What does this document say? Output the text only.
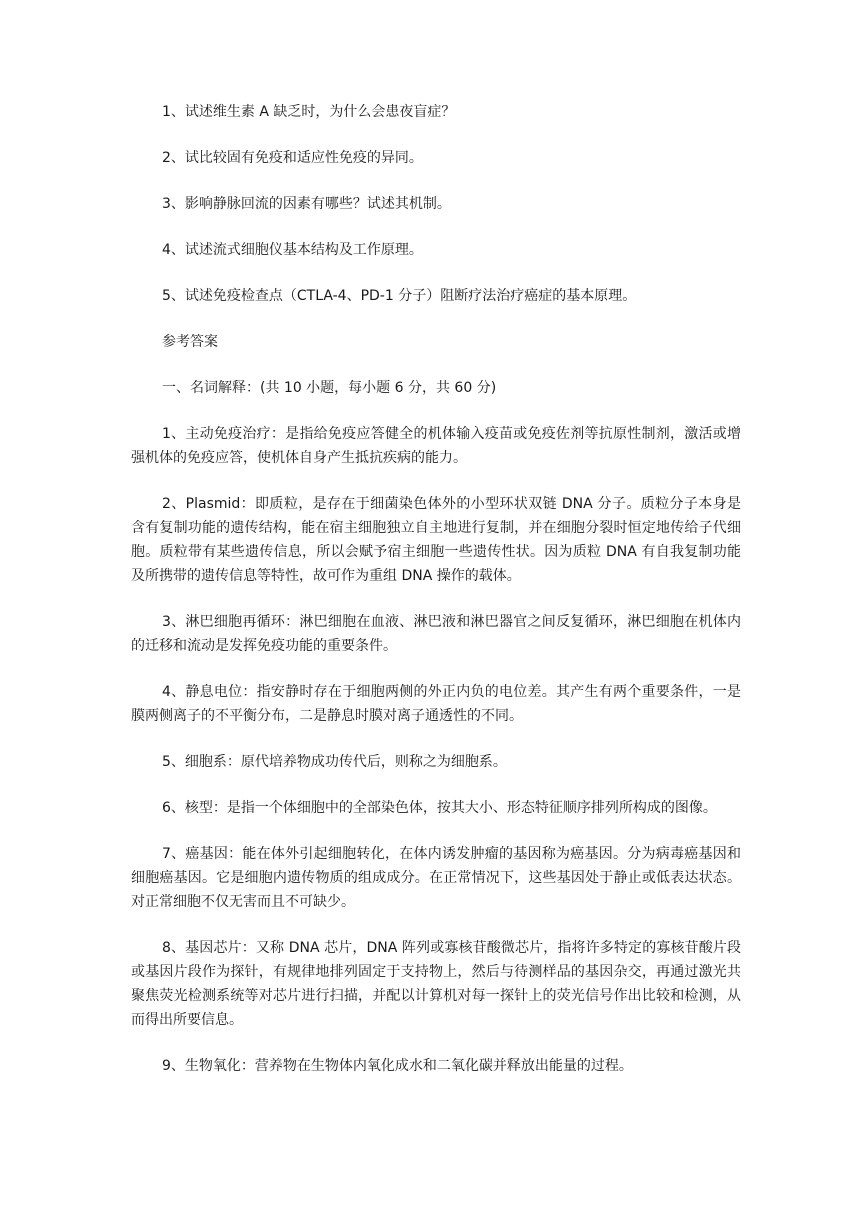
1、试述维生素 A 缺乏时，为什么会患夜盲症？

2、试比较固有免疫和适应性免疫的异同。

3、影响静脉回流的因素有哪些？试述其机制。

4、试述流式细胞仪基本结构及工作原理。

5、试述免疫检查点（CTLA-4、PD-1 分子）阻断疗法治疗癌症的基本原理。

参考答案

一、名词解释：(共 10 小题，每小题 6 分，共 60 分)

1、主动免疫治疗：是指给免疫应答健全的机体输入疫苗或免疫佐剂等抗原性制剂，激活或增强机体的免疫应答，使机体自身产生抵抗疾病的能力。

2、Plasmid：即质粒，是存在于细菌染色体外的小型环状双链 DNA 分子。质粒分子本身是含有复制功能的遗传结构，能在宿主细胞独立自主地进行复制，并在细胞分裂时恒定地传给子代细胞。质粒带有某些遗传信息，所以会赋予宿主细胞一些遗传性状。因为质粒 DNA 有自我复制功能及所携带的遗传信息等特性，故可作为重组 DNA 操作的载体。

3、淋巴细胞再循环：淋巴细胞在血液、淋巴液和淋巴器官之间反复循环，淋巴细胞在机体内的迁移和流动是发挥免疫功能的重要条件。

4、静息电位：指安静时存在于细胞两侧的外正内负的电位差。其产生有两个重要条件，一是膜两侧离子的不平衡分布，二是静息时膜对离子通透性的不同。

5、细胞系：原代培养物成功传代后，则称之为细胞系。

6、核型：是指一个体细胞中的全部染色体，按其大小、形态特征顺序排列所构成的图像。

7、癌基因：能在体外引起细胞转化，在体内诱发肿瘤的基因称为癌基因。分为病毒癌基因和细胞癌基因。它是细胞内遗传物质的组成成分。在正常情况下，这些基因处于静止或低表达状态。对正常细胞不仅无害而且不可缺少。

8、基因芯片：又称 DNA 芯片，DNA 阵列或寡核苷酸微芯片，指将许多特定的寡核苷酸片段或基因片段作为探针，有规律地排列固定于支持物上，然后与待测样品的基因杂交，再通过激光共聚焦荧光检测系统等对芯片进行扫描，并配以计算机对每一探针上的荧光信号作出比较和检测，从而得出所要信息。

9、生物氧化：营养物在生物体内氧化成水和二氧化碳并释放出能量的过程。
